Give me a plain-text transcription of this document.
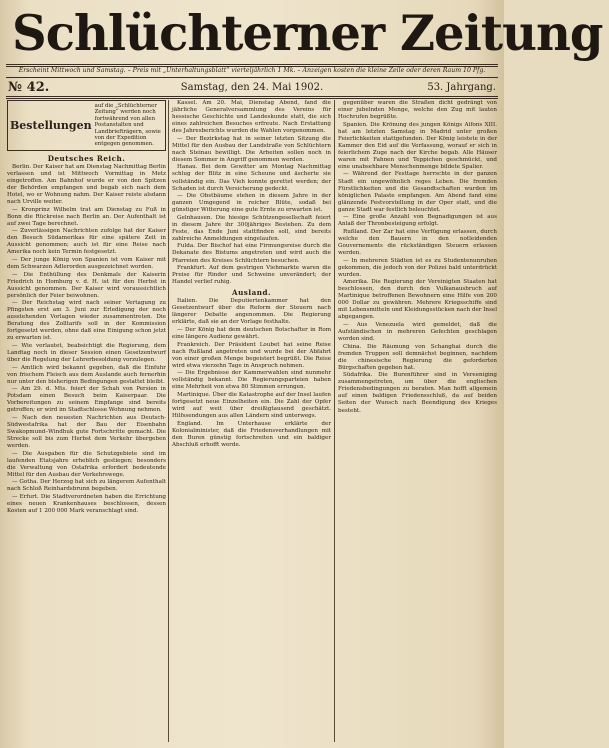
Schlüchterner Zeitung
Erscheint Mittwoch und Samstag. – Preis mit „Unterhaltungsblatt“ vierteljährlich 1 Mk. – Anzeigen kosten die kleine Zeile oder deren Raum 10 Pfg.
№ 42.	Samstag, den 24. Mai 1902.	53. Jahrgang.
Bestellungen
auf die „Schlüchterner Zeitung“ werden noch fortwährend von allen Postanstalten und Landbriefträgern, sowie von der Expedition entgegen genommen.
Deutsches Reich.

Berlin. Der Kaiser hat am Dienstag Nachmittag Berlin verlassen und ist Mittwoch Vormittag in Metz eingetroffen. Am Bahnhof wurde er von den Spitzen der Behörden empfangen und begab sich nach dem Hotel, wo er Wohnung nahm. Der Kaiser reiste alsdann nach Urville weiter.

— Kronprinz Wilhelm trat am Dienstag zu Fuß in Bonn die Rückreise nach Berlin an. Der Aufenthalt ist auf zwei Tage berechnet.

— Zuverlässigen Nachrichten zufolge hat der Kaiser den Besuch Südamerikas für eine spätere Zeit in Aussicht genommen; auch ist für eine Reise nach Amerika noch kein Termin festgesetzt.

— Der junge König von Spanien ist vom Kaiser mit dem Schwarzen Adlerorden ausgezeichnet worden.

— Die Enthüllung des Denkmals der Kaiserin Friedrich in Homburg v. d. H. ist für den Herbst in Aussicht genommen. Der Kaiser wird voraussichtlich persönlich der Feier beiwohnen.

— Der Reichstag wird nach seiner Vertagung zu Pfingsten erst am 3. Juni zur Erledigung der noch ausstehenden Vorlagen wieder zusammentreten. Die Beratung des Zolltarifs soll in der Kommission fortgesetzt werden, ohne daß eine Einigung schon jetzt zu erwarten ist.

— Wie verlautet, beabsichtigt die Regierung, dem Landtag noch in dieser Session einen Gesetzentwurf über die Regelung der Lehrerbesoldung vorzulegen.

— Amtlich wird bekannt gegeben, daß die Einfuhr von frischem Fleisch aus dem Auslande auch fernerhin nur unter den bisherigen Bedingungen gestattet bleibt.

— Am 29. d. Mts. feiert der Schah von Persien in Potsdam einen Besuch beim Kaiserpaar. Die Vorbereitungen zu seinem Empfange sind bereits getroffen; er wird im Stadtschlosse Wohnung nehmen.

— Nach den neuesten Nachrichten aus Deutsch-Südwestafrika hat der Bau der Eisenbahn Swakopmund–Windhuk gute Fortschritte gemacht. Die Strecke soll bis zum Herbst dem Verkehr übergeben werden.

— Die Ausgaben für die Schutzgebiete sind im laufenden Etatsjahre erheblich gestiegen; besonders die Verwaltung von Ostafrika erfordert bedeutende Mittel für den Ausbau der Verkehrswege.

— Gotha. Der Herzog hat sich zu längerem Aufenthalt nach Schloß Reinhardsbrunn begeben.

— Erfurt. Die Stadtverordneten haben die Errichtung eines neuen Krankenhauses beschlossen, dessen Kosten auf 1 200 000 Mark veranschlagt sind.

Kassel. Am 20. Mai, Dienstag Abend, fand die jährliche Generalversammlung des Vereins für hessische Geschichte und Landeskunde statt, die sich eines zahlreichen Besuches erfreute. Nach Erstattung des Jahresberichts wurden die Wahlen vorgenommen.

— Der Bezirkstag hat in seiner letzten Sitzung die Mittel für den Ausbau der Landstraße von Schlüchtern nach Steinau bewilligt. Die Arbeiten sollen noch in diesem Sommer in Angriff genommen werden.

Hanau. Bei dem Gewitter am Montag Nachmittag schlug der Blitz in eine Scheune und äscherte sie vollständig ein. Das Vieh konnte gerettet werden; der Schaden ist durch Versicherung gedeckt.

— Die Obstbäume stehen in diesem Jahre in der ganzen Umgegend in reicher Blüte, sodaß bei günstiger Witterung eine gute Ernte zu erwarten ist.

Gelnhausen. Die hiesige Schützengesellschaft feiert in diesem Jahre ihr 300jähriges Bestehen. Zu dem Feste, das Ende Juni stattfinden soll, sind bereits zahlreiche Anmeldungen eingelaufen.

Fulda. Der Bischof hat eine Firmungsreise durch die Dekanate des Bistums angetreten und wird auch die Pfarreien des Kreises Schlüchtern besuchen.

Frankfurt. Auf dem gestrigen Viehmarkte waren die Preise für Rinder und Schweine unverändert; der Handel verlief ruhig.

Ausland.

Italien. Die Deputiertenkammer hat den Gesetzentwurf über die Reform der Steuern nach längerer Debatte angenommen. Die Regierung erklärte, daß sie an der Vorlage festhalte.

— Der König hat dem deutschen Botschafter in Rom eine längere Audienz gewährt.

Frankreich. Der Präsident Loubet hat seine Reise nach Rußland angetreten und wurde bei der Abfahrt von einer großen Menge begeistert begrüßt. Die Reise wird etwa vierzehn Tage in Anspruch nehmen.

— Die Ergebnisse der Kammerwahlen sind nunmehr vollständig bekannt. Die Regierungsparteien haben eine Mehrheit von etwa 80 Stimmen errungen.

Martinique. Über die Katastrophe auf der Insel laufen fortgesetzt neue Einzelheiten ein. Die Zahl der Opfer wird auf weit über dreißigtausend geschätzt. Hilfssendungen aus allen Ländern sind unterwegs.

England. Im Unterhause erklärte der Kolonialminister, daß die Friedensverhandlungen mit den Buren günstig fortschreiten und ein baldiger Abschluß erhofft werde.

gegenüber waren die Straßen dicht gedrängt von einer jubelnden Menge, welche den Zug mit lauten Hochrufen begrüßte.

Spanien. Die Krönung des jungen Königs Alfons XIII. hat am letzten Samstag in Madrid unter großen Feierlichkeiten stattgefunden. Der König leistete in der Kammer den Eid auf die Verfassung, worauf er sich in feierlichem Zuge nach der Kirche begab. Alle Häuser waren mit Fahnen und Teppichen geschmückt, und eine unabsehbare Menschenmenge bildete Spalier.

— Während der Festtage herrschte in der ganzen Stadt ein ungewöhnlich reges Leben. Die fremden Fürstlichkeiten und die Gesandtschaften wurden im königlichen Palaste empfangen. Am Abend fand eine glänzende Festvorstellung in der Oper statt, und die ganze Stadt war festlich beleuchtet.

— Eine große Anzahl von Begnadigungen ist aus Anlaß der Thronbesteigung erfolgt.

Rußland. Der Zar hat eine Verfügung erlassen, durch welche den Bauern in den notleidenden Gouvernements die rückständigen Steuern erlassen werden.

— In mehreren Städten ist es zu Studentenunruhen gekommen, die jedoch von der Polizei bald unterdrückt wurden.

Amerika. Die Regierung der Vereinigten Staaten hat beschlossen, den durch den Vulkanausbruch auf Martinique betroffenen Bewohnern eine Hilfe von 200 000 Dollar zu gewähren. Mehrere Kriegsschiffe sind mit Lebensmitteln und Kleidungsstücken nach der Insel abgegangen.

— Aus Venezuela wird gemeldet, daß die Aufständischen in mehreren Gefechten geschlagen worden sind.

China. Die Räumung von Schanghai durch die fremden Truppen soll demnächst beginnen, nachdem die chinesische Regierung die geforderten Bürgschaften gegeben hat.

Südafrika. Die Burenführer sind in Vereeniging zusammengetreten, um über die englischen Friedensbedingungen zu beraten. Man hofft allgemein auf einen baldigen Friedensschluß, da auf beiden Seiten der Wunsch nach Beendigung des Krieges besteht.
